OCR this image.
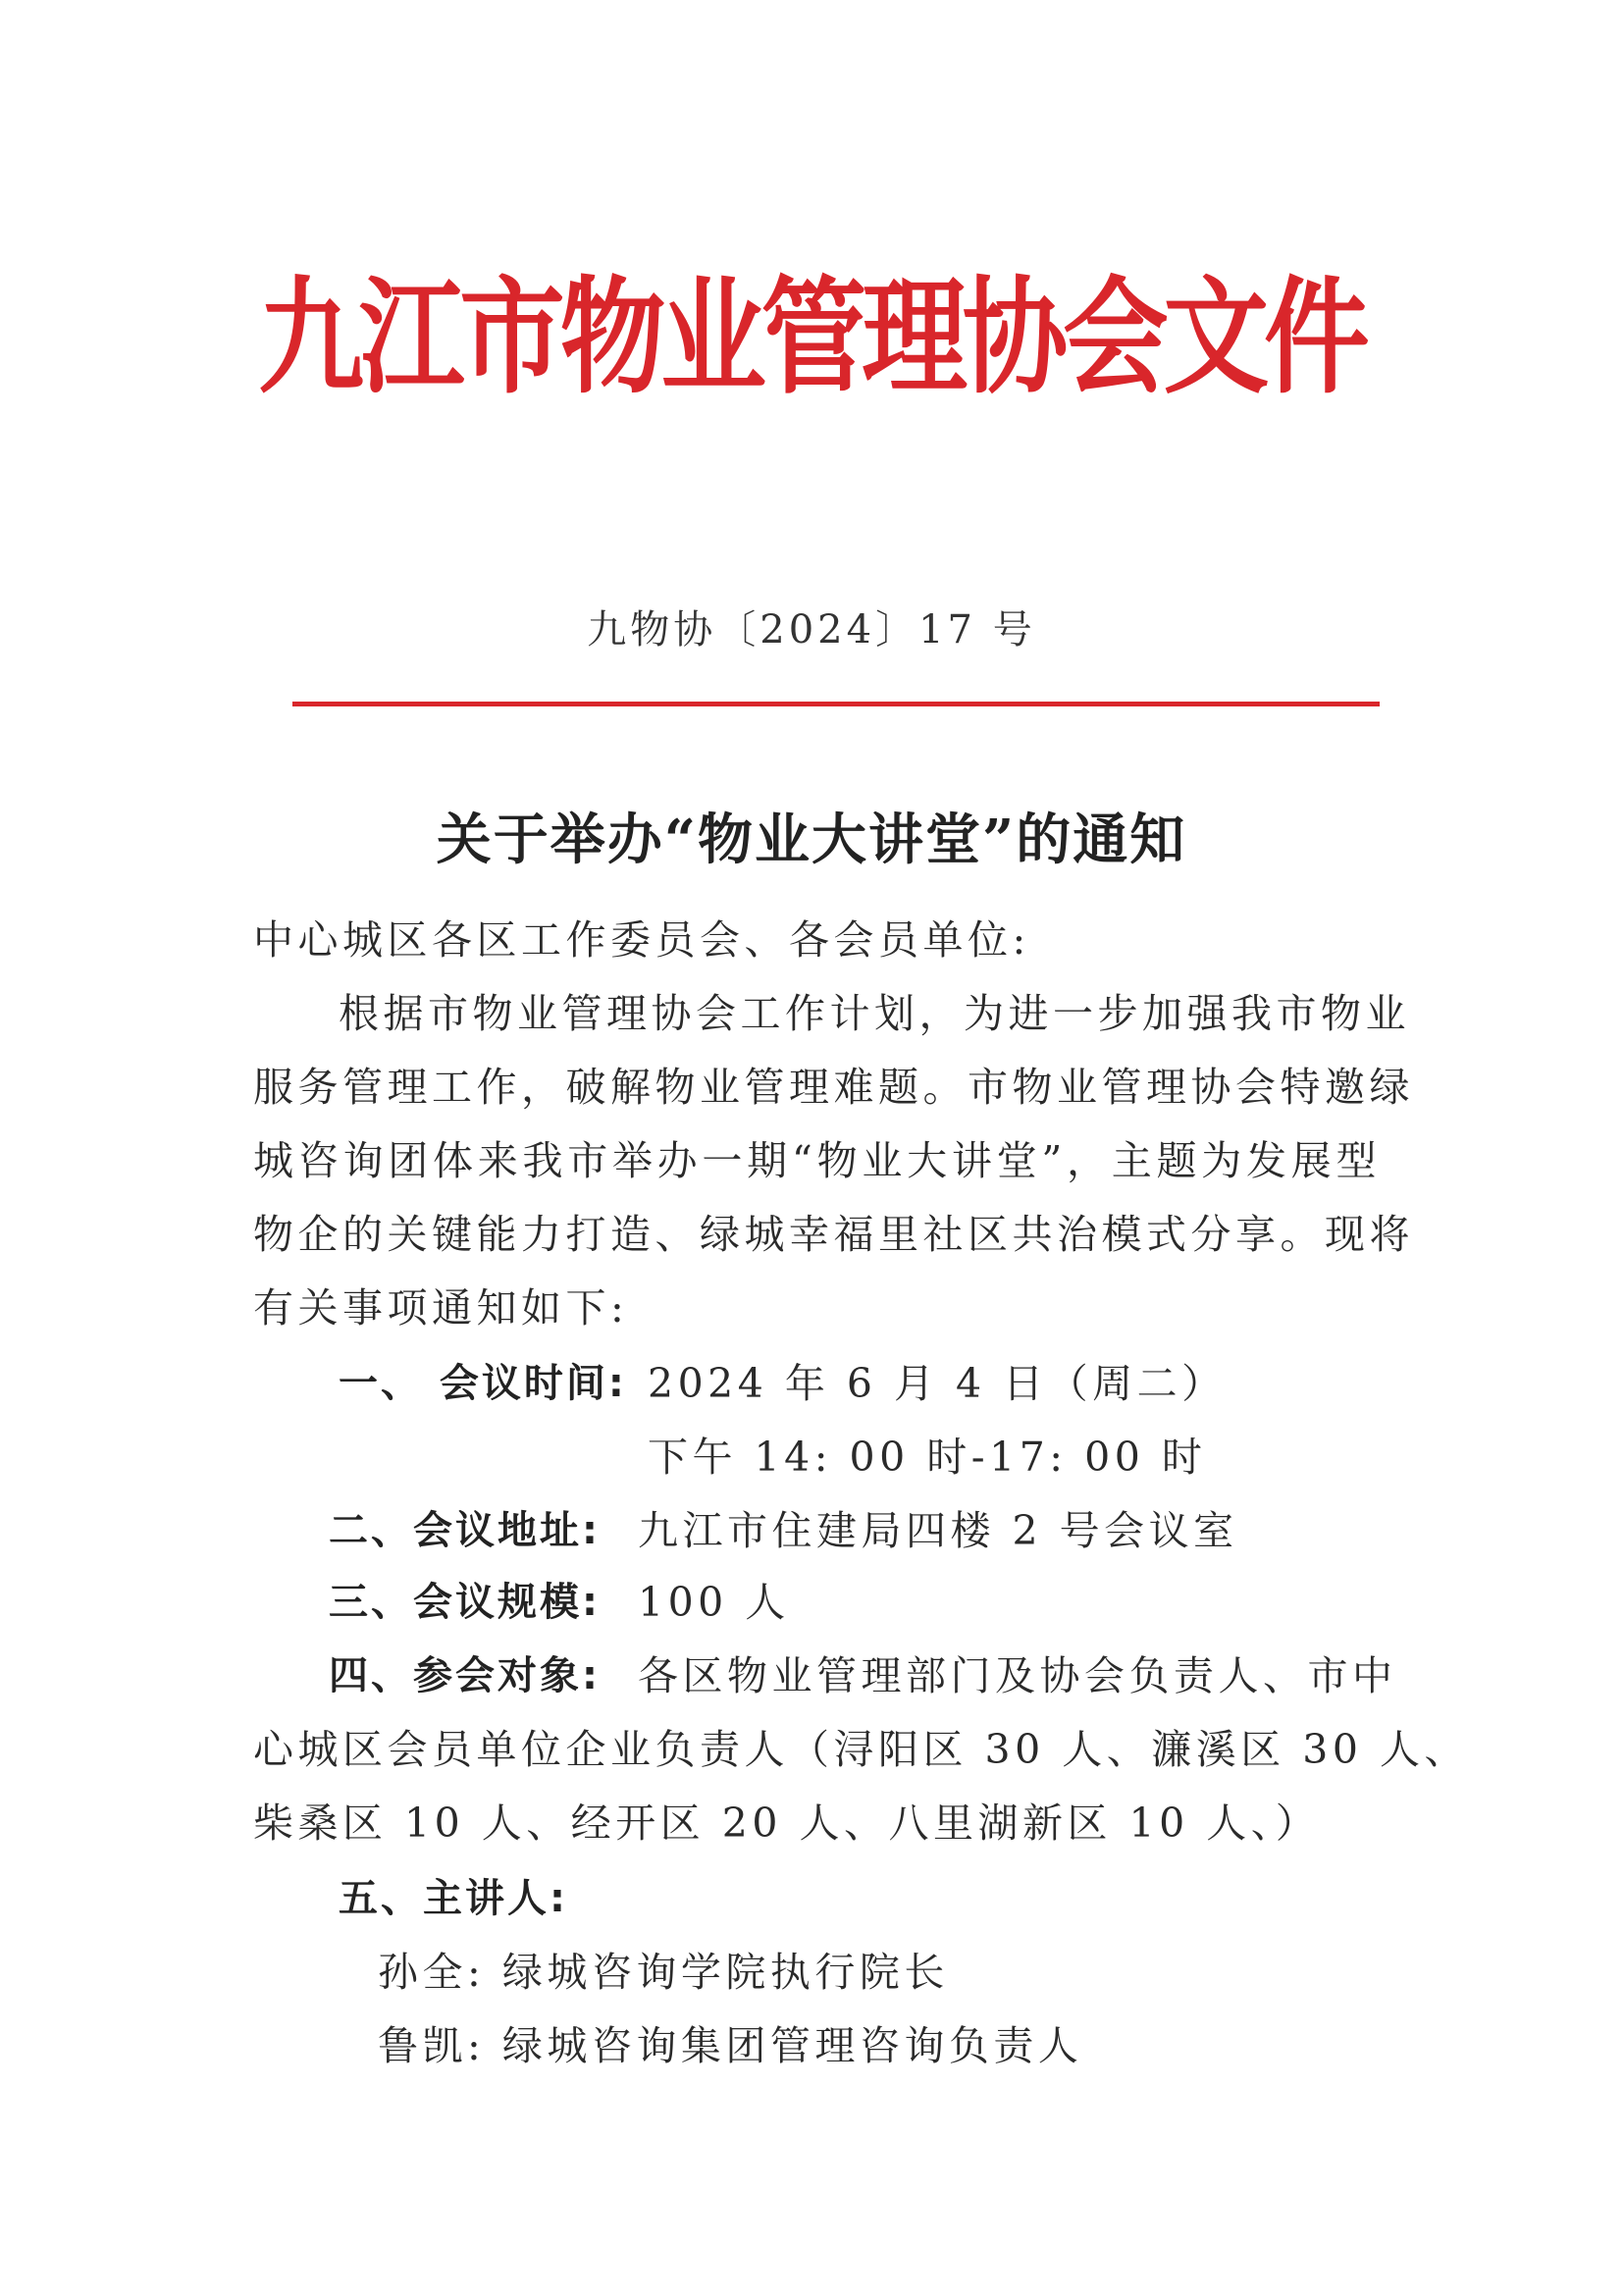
九江市物业管理协会文件

九物协〔2024〕17 号

关于举办“物业大讲堂”的通知

中心城区各区工作委员会、各会员单位:

根据市物业管理协会工作计划，为进一步加强我市物业

服务管理工作，破解物业管理难题。市物业管理协会特邀绿

城咨询团体来我市举办一期“物业大讲堂”，主题为发展型

物企的关键能力打造、绿城幸福里社区共治模式分享。现将

有关事项通知如下:

一、 会议时间: 2024 年 6 月 4 日（周二）
下午 14: 00 时-17: 00 时
二、会议地址: 九江市住建局四楼 2 号会议室
三、会议规模: 100 人
四、参会对象: 各区物业管理部门及协会负责人、市中
心城区会员单位企业负责人（浔阳区 30 人、濂溪区 30 人、
柴桑区 10 人、经开区 20 人、八里湖新区 10 人、）
五、主讲人:
孙全: 绿城咨询学院执行院长
鲁凯: 绿城咨询集团管理咨询负责人
